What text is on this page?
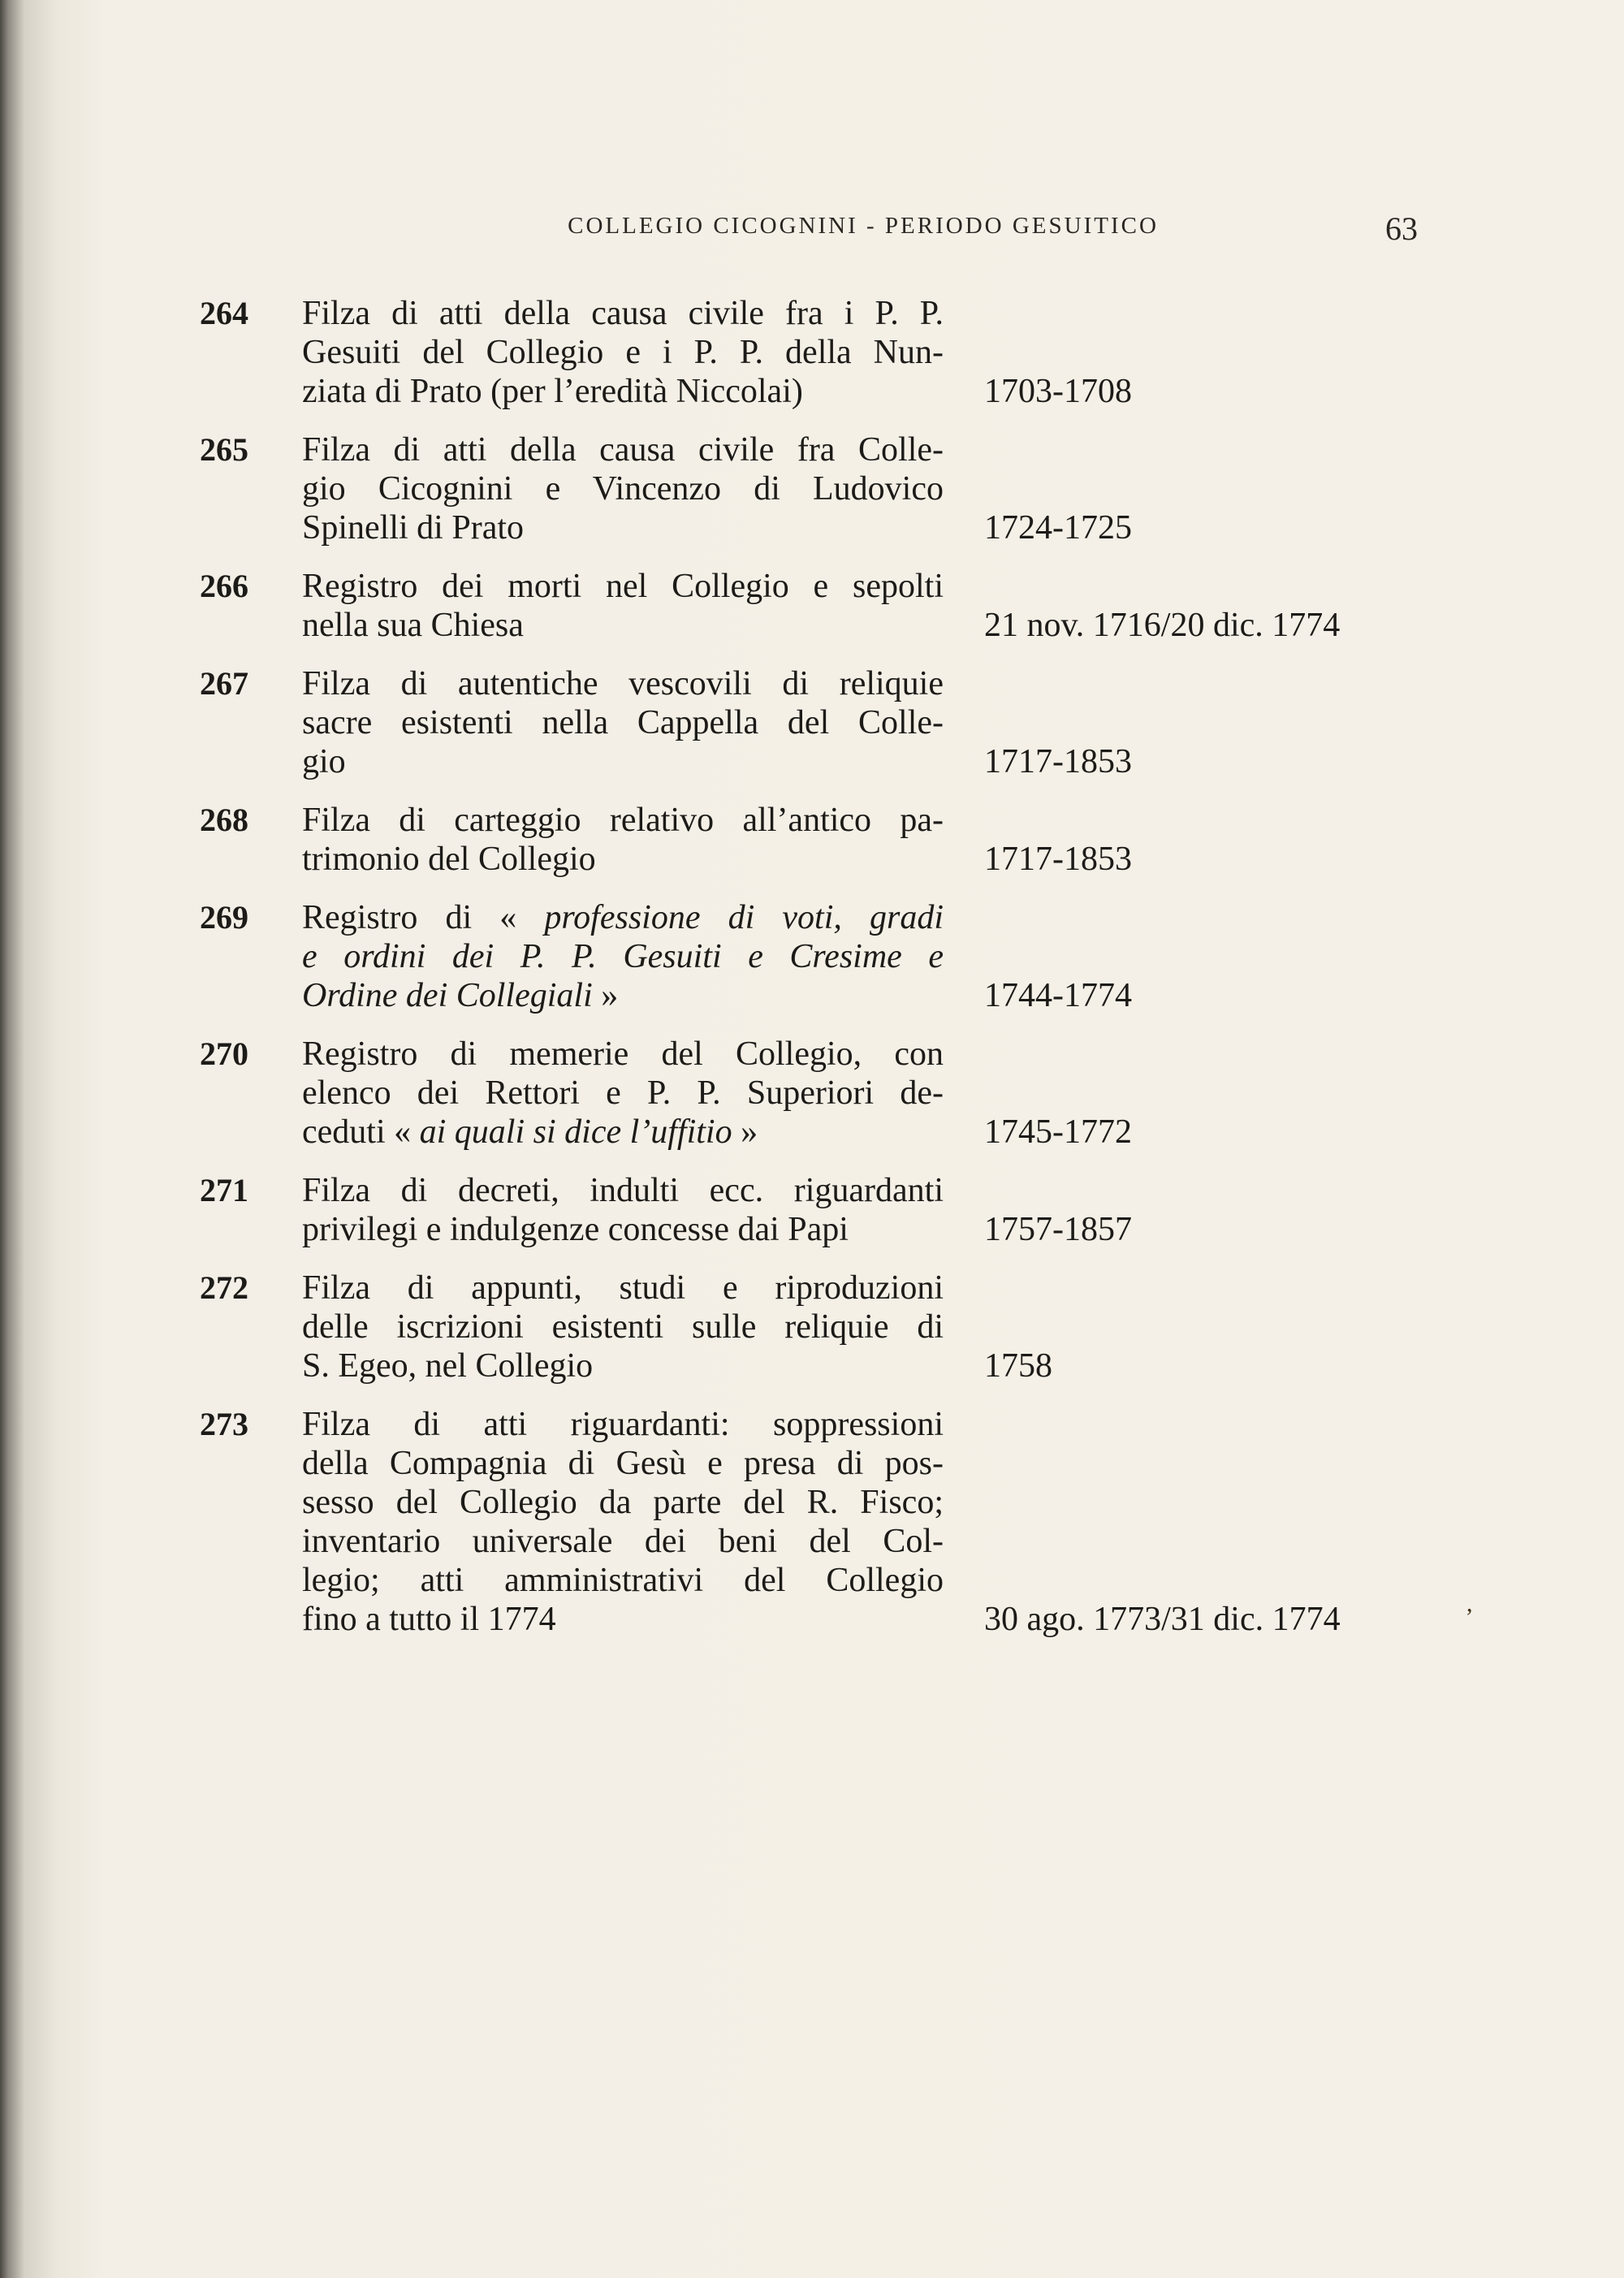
COLLEGIO CICOGNINI - PERIODO GESUITICO	63
264	Filza di atti della causa civile fra i P. P.
Gesuiti del Collegio e i P. P. della Nun-
ziata di Prato (per l’eredità Niccolai)	1703-1708
265	Filza di atti della causa civile fra Colle-
gio Cicognini e Vincenzo di Ludovico
Spinelli di Prato	1724-1725
266	Registro dei morti nel Collegio e sepolti
nella sua Chiesa	21 nov. 1716/20 dic. 1774
267	Filza di autentiche vescovili di reliquie
sacre esistenti nella Cappella del Colle-
gio	1717-1853
268	Filza di carteggio relativo all’antico pa-
trimonio del Collegio	1717-1853
269	Registro di « professione di voti, gradi
e ordini dei P. P. Gesuiti e Cresime e
Ordine dei Collegiali »	1744-1774
270	Registro di memerie del Collegio, con
elenco dei Rettori e P. P. Superiori de-
ceduti « ai quali si dice l’uffitio »	1745-1772
271	Filza di decreti, indulti ecc. riguardanti
privilegi e indulgenze concesse dai Papi	1757-1857
272	Filza di appunti, studi e riproduzioni
delle iscrizioni esistenti sulle reliquie di
S. Egeo, nel Collegio	1758
273	Filza di atti riguardanti: soppressioni
della Compagnia di Gesù e presa di pos-
sesso del Collegio da parte del R. Fisco;
inventario universale dei beni del Col-
legio; atti amministrativi del Collegio
fino a tutto il 1774	30 ago. 1773/31 dic. 1774	,
